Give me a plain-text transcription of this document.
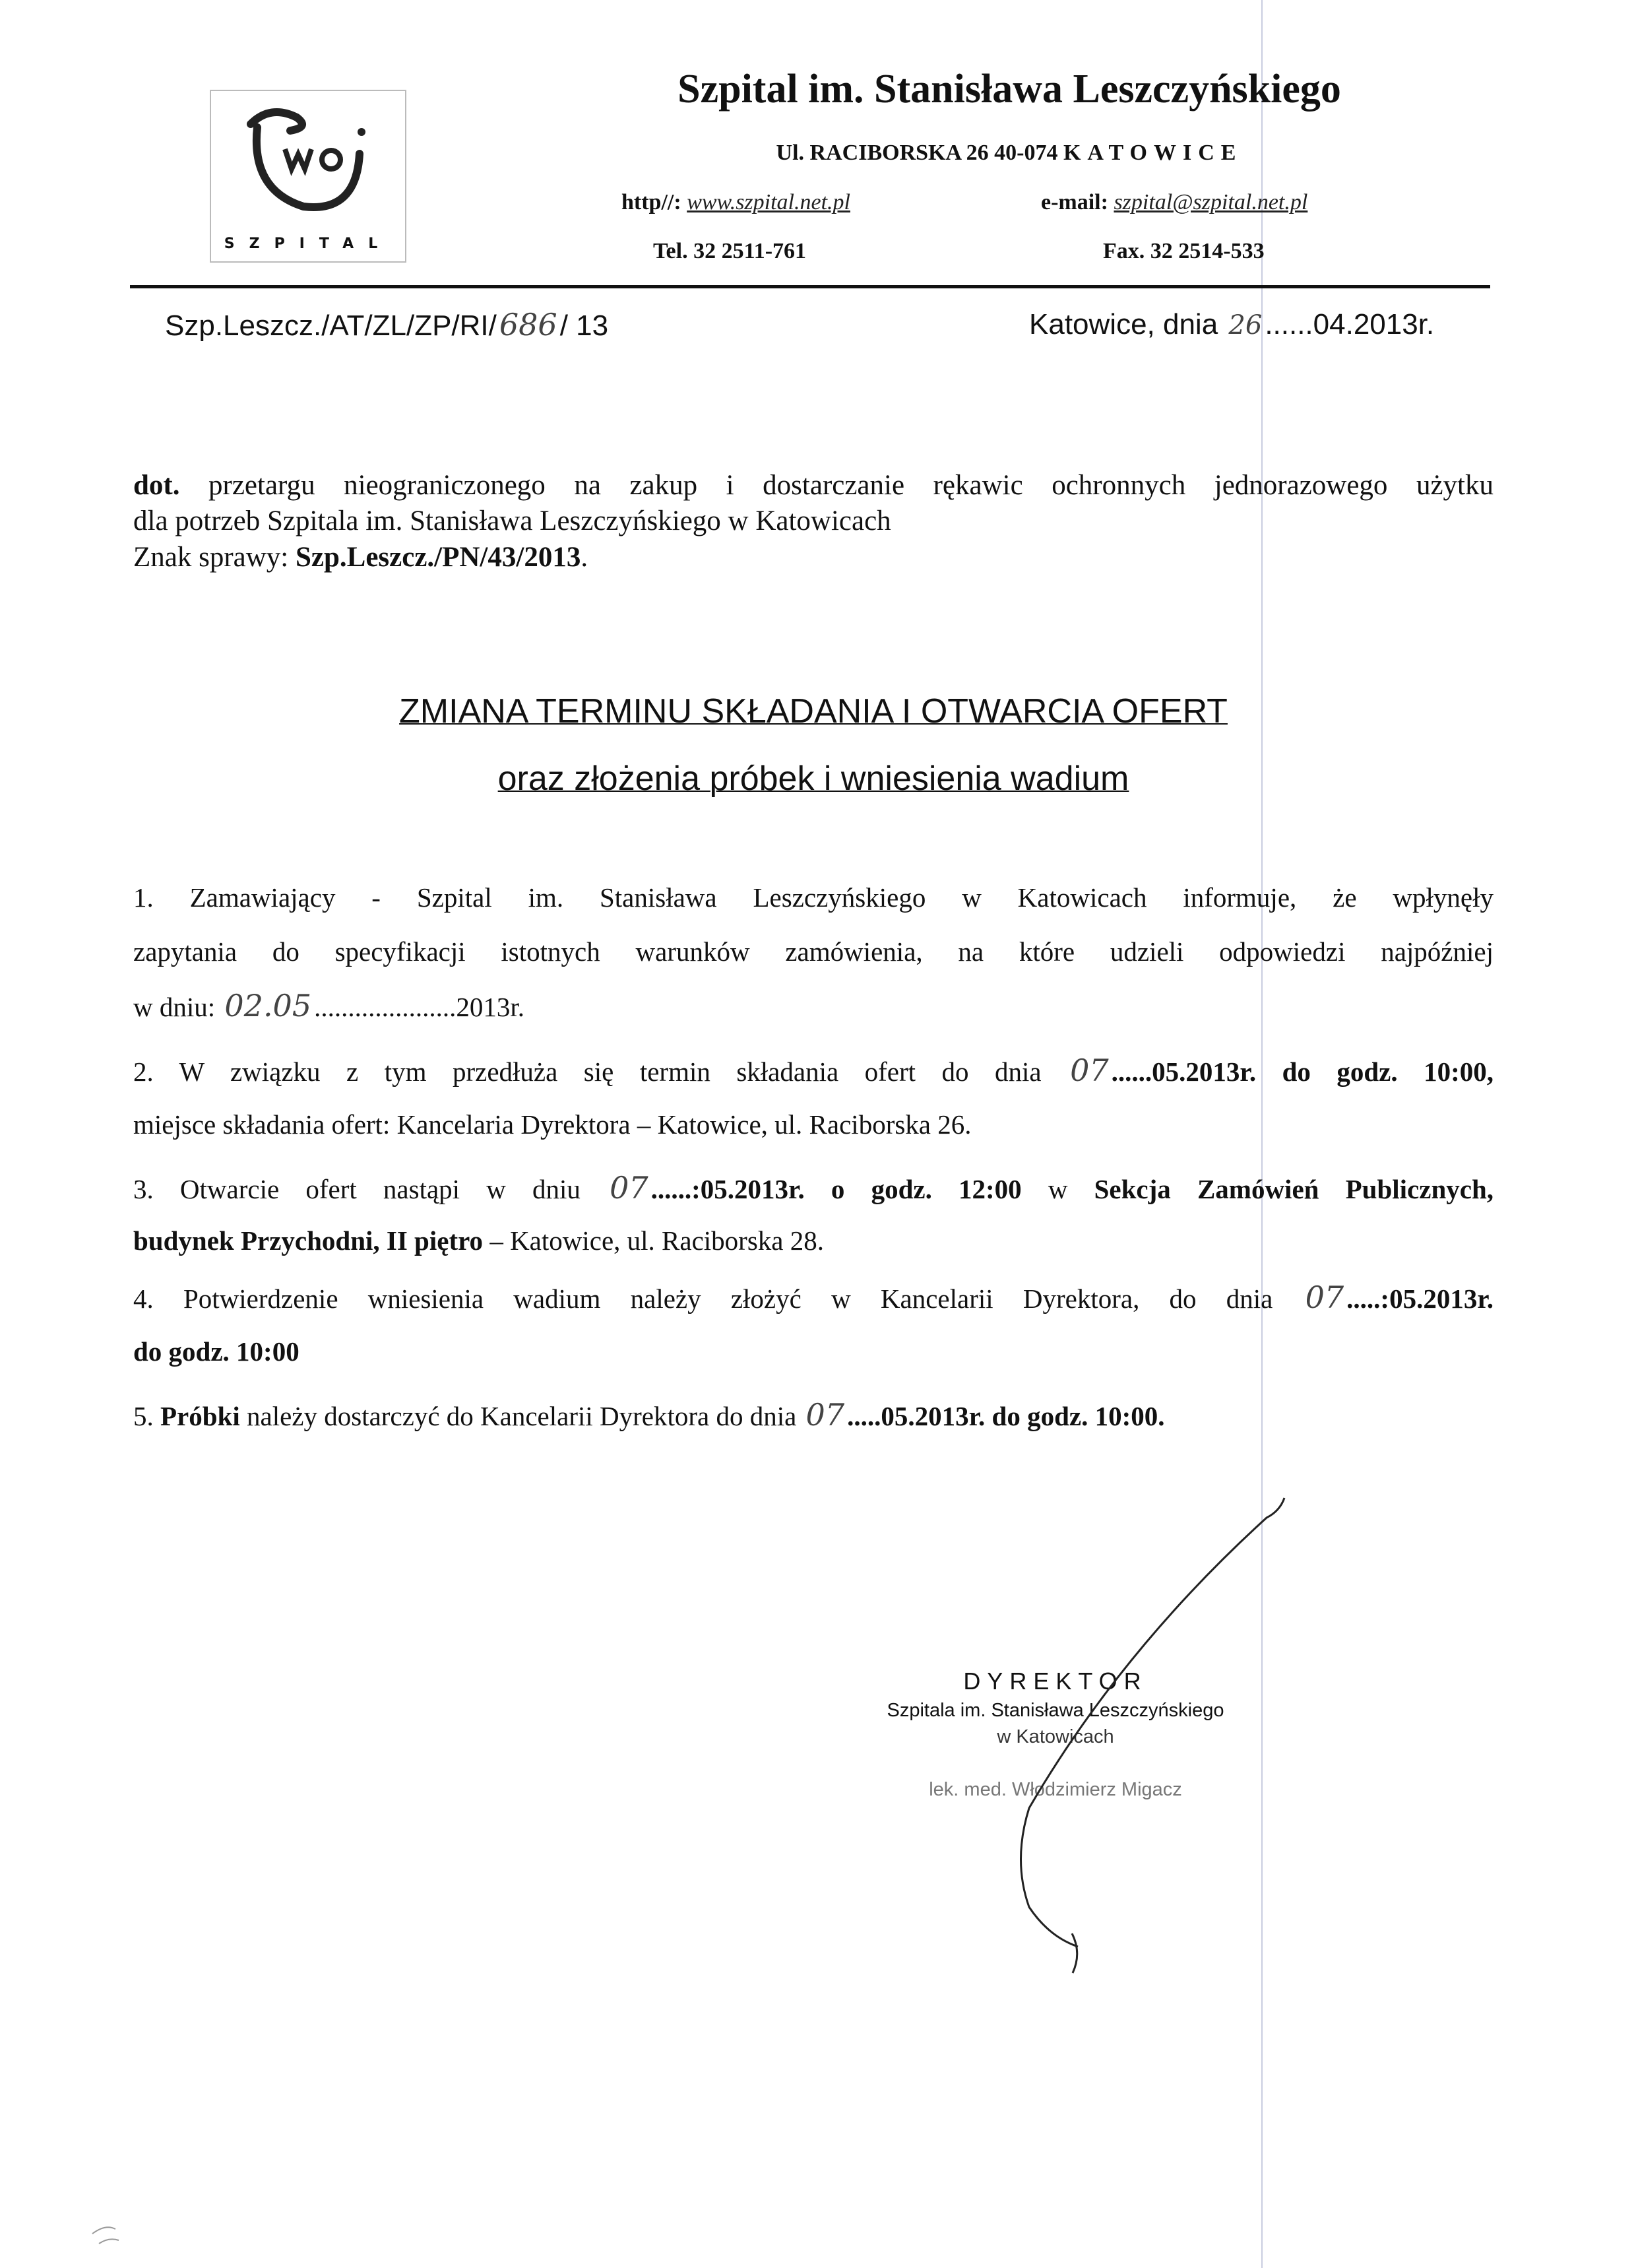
SZPITAL
Szpital im. Stanisława Leszczyńskiego
Ul. RACIBORSKA 26 40-074 KATOWICE
http//: www.szpital.net.pl	e-mail: szpital@szpital.net.pl
Tel. 32 2511-761	Fax. 32 2514-533
Szp.Leszcz./AT/ZL/ZP/RI/686/ 13	Katowice, dnia 26......04.2013r.
dot. przetargu nieograniczonego na zakup i dostarczanie rękawic ochronnych jednorazowego użytku
dla potrzeb Szpitala im. Stanisława Leszczyńskiego w Katowicach
Znak sprawy: Szp.Leszcz./PN/43/2013.
ZMIANA TERMINU SKŁADANIA I OTWARCIA OFERT
oraz złożenia próbek i wniesienia wadium
1. Zamawiający - Szpital im. Stanisława Leszczyńskiego w Katowicach informuje, że wpłynęły
zapytania do specyfikacji istotnych warunków zamówienia, na które udzieli odpowiedzi najpóźniej
w dniu: 02.05.....................2013r.
2. W związku z tym przedłuża się termin składania ofert do dnia 07......05.2013r. do godz. 10:00,
miejsce składania ofert: Kancelaria Dyrektora – Katowice, ul. Raciborska 26.
3. Otwarcie ofert nastąpi w dniu 07......:05.2013r. o godz. 12:00 w Sekcja Zamówień Publicznych,
budynek Przychodni, II piętro – Katowice, ul. Raciborska 28.
4. Potwierdzenie wniesienia wadium należy złożyć w Kancelarii Dyrektora, do dnia 07.....:05.2013r.
do godz. 10:00
5. Próbki należy dostarczyć do Kancelarii Dyrektora do dnia 07.....05.2013r. do godz. 10:00.
DYREKTOR
Szpitala im. Stanisława Leszczyńskiego
w Katowicach
lek. med. Włodzimierz Migacz
